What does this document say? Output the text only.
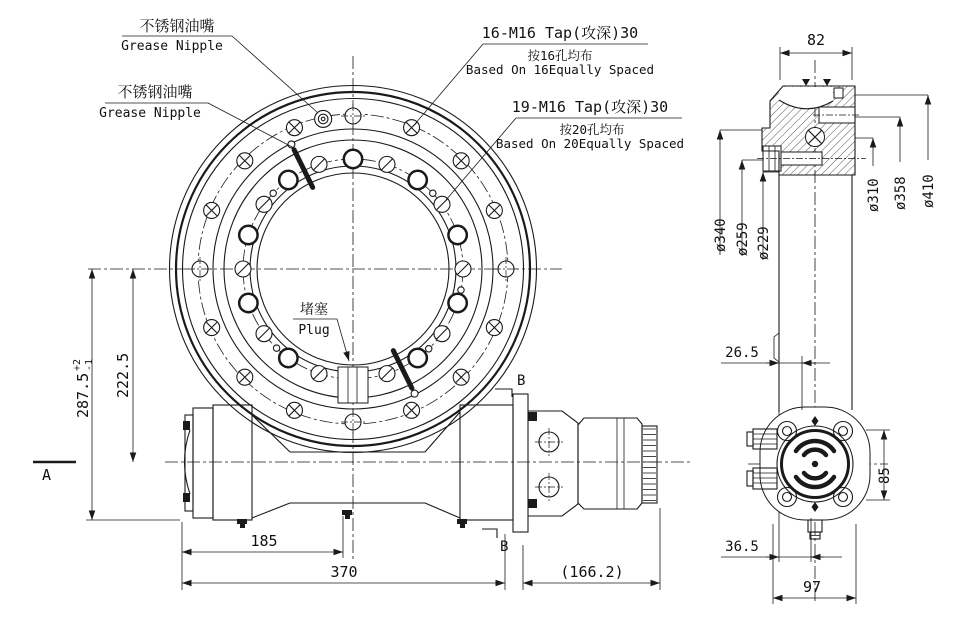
B
B
A
不锈钢油嘴
Grease Nipple
不锈钢油嘴
Grease Nipple
16-M16 Tap(攻深)30
按16孔均布
Based On 16Equally Spaced
19-M16 Tap(攻深)30
按20孔均布
Based On 20Equally Spaced
堵塞
Plug
185
370	(166.2)
287.5
+2 -1 222.5
82
ø340 ø259 ø229
ø310 ø358 ø410
26.5
85
36.5
97
